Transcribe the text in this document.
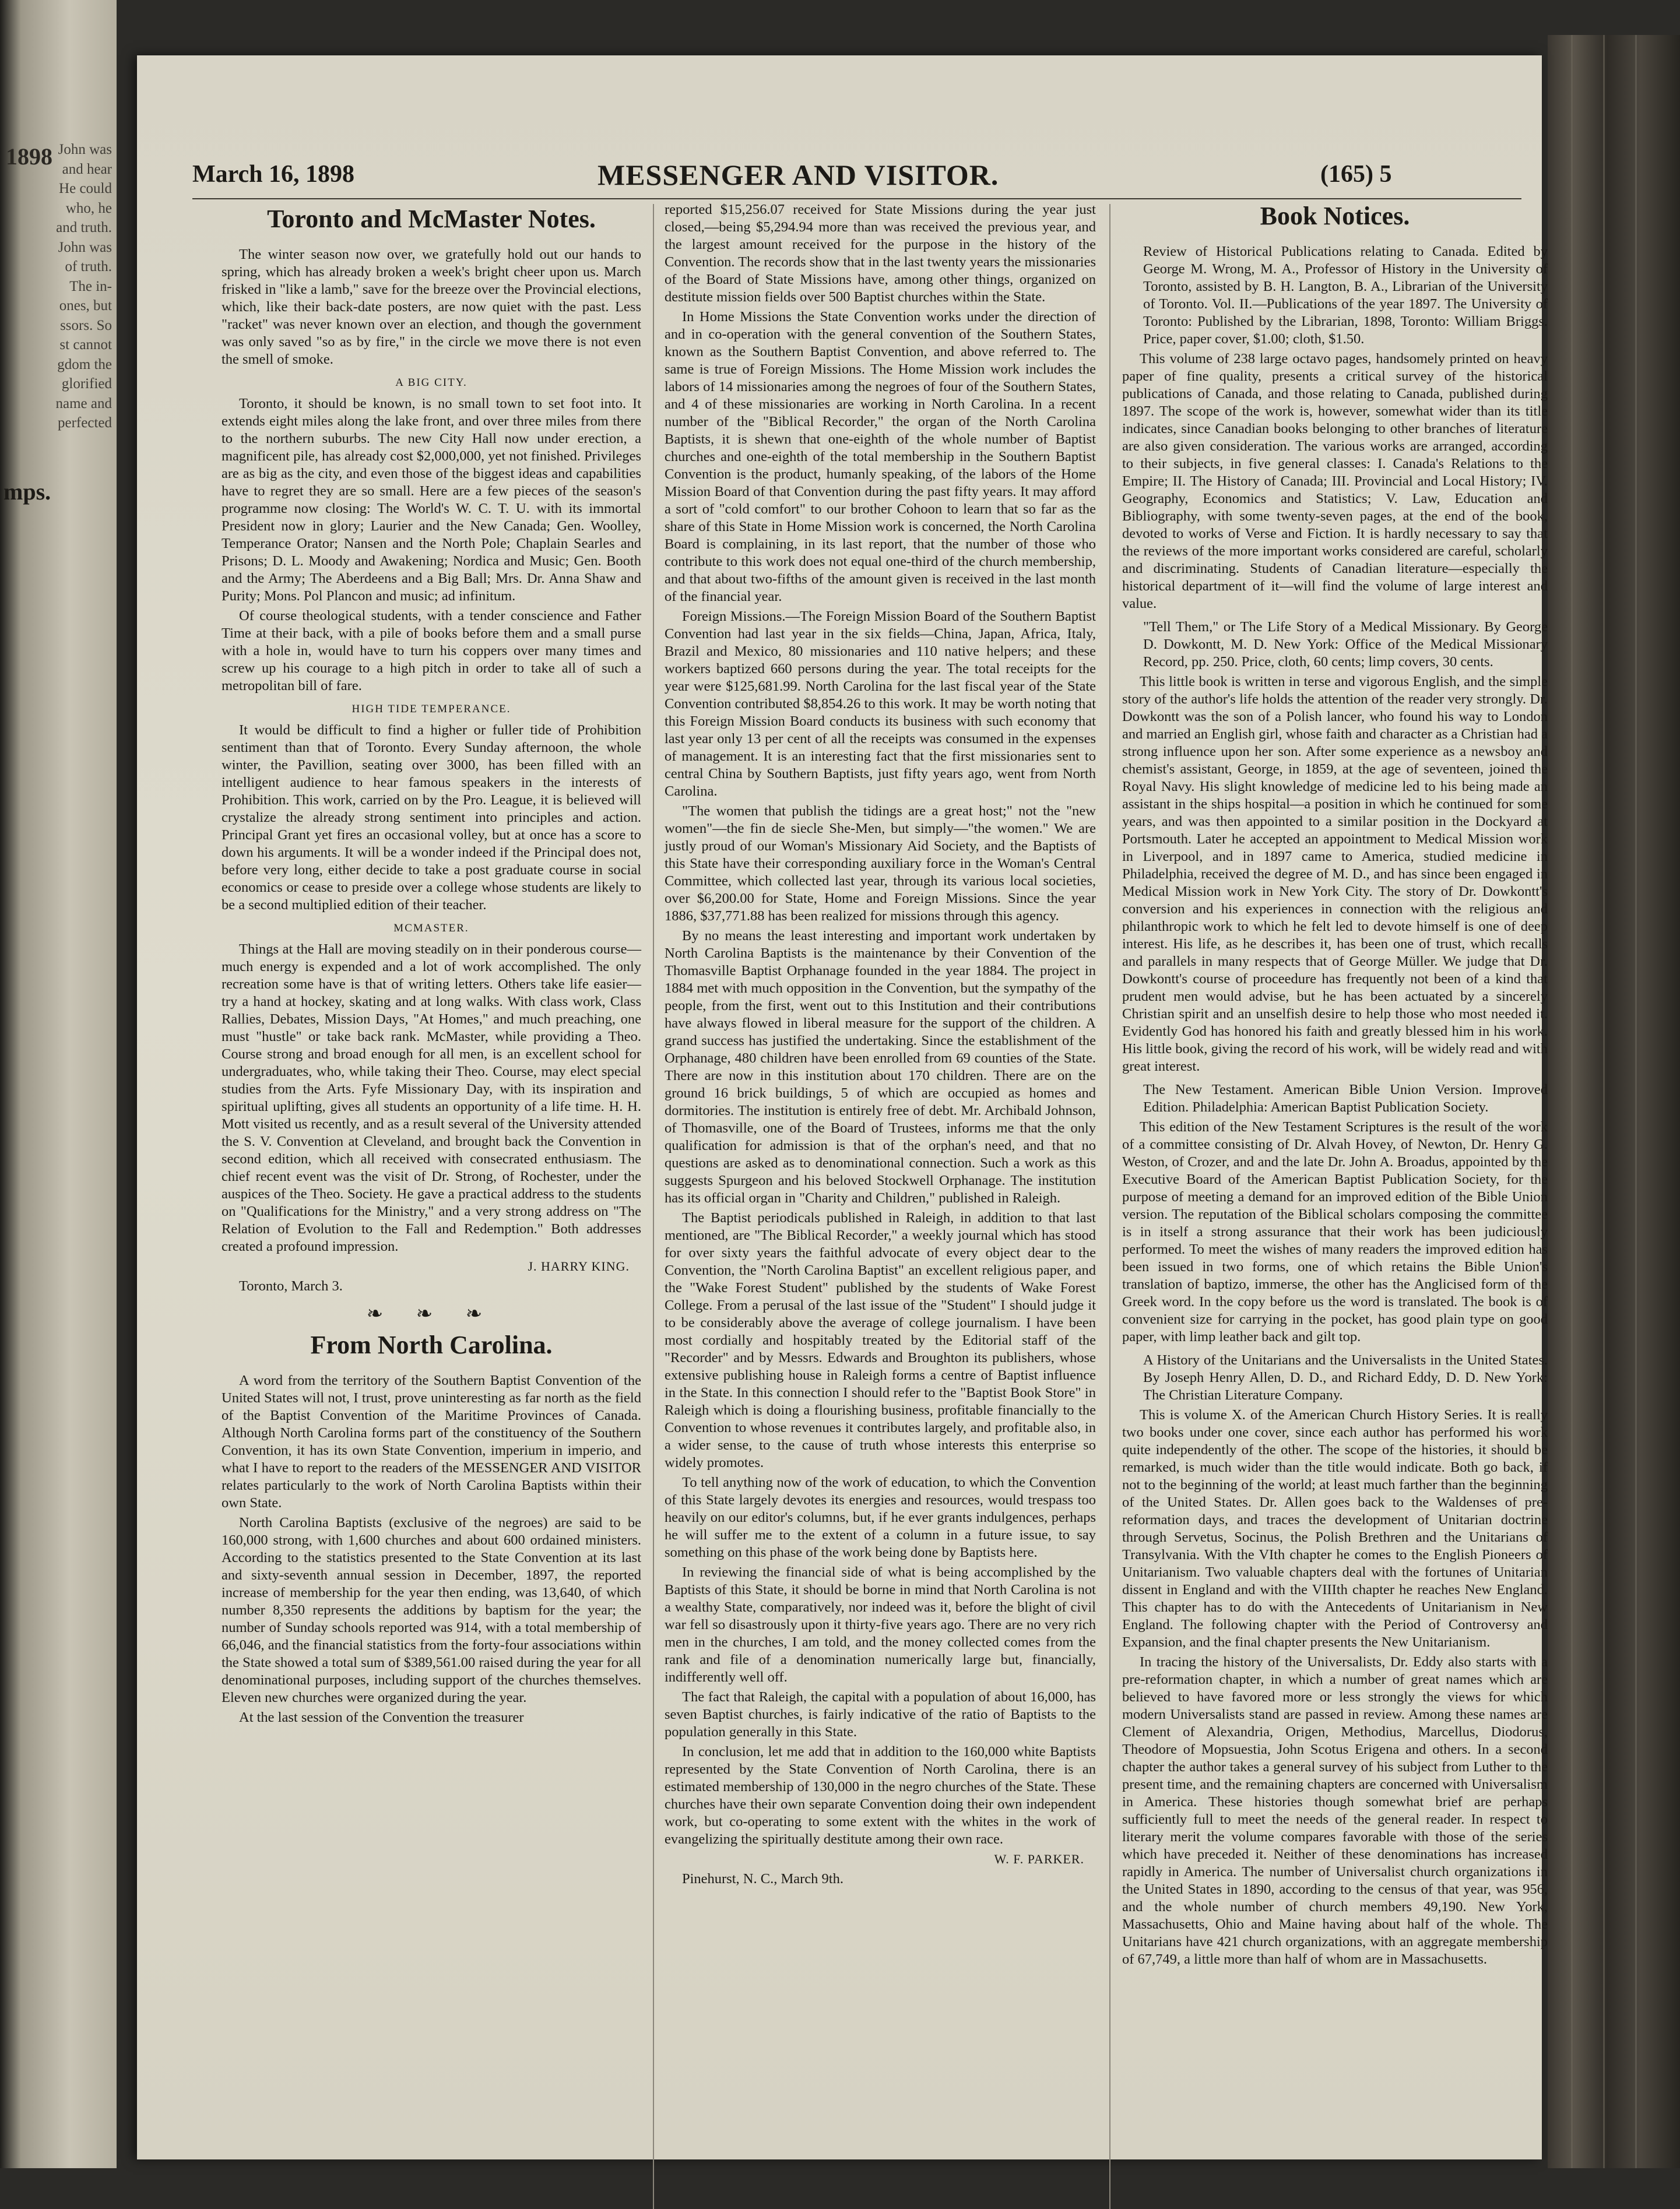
1898 John was
and hear
He could
who, he
and truth.
John was
of truth.
The in-
ones, but
ssors. So
st cannot
gdom the
glorified
name and
perfected
mps.
March 16, 1898	MESSENGER AND VISITOR.	(165) 5
Toronto and McMaster Notes.

The winter season now over, we gratefully hold out our hands to spring, which has already broken a week's bright cheer upon us. March frisked in "like a lamb," save for the breeze over the Provincial elections, which, like their back-date posters, are now quiet with the past. Less "racket" was never known over an election, and though the government was only saved "so as by fire," in the circle we move there is not even the smell of smoke.

A BIG CITY.

Toronto, it should be known, is no small town to set foot into. It extends eight miles along the lake front, and over three miles from there to the northern suburbs. The new City Hall now under erection, a magnificent pile, has already cost $2,000,000, yet not finished. Privileges are as big as the city, and even those of the biggest ideas and capabilities have to regret they are so small. Here are a few pieces of the season's programme now closing: The World's W. C. T. U. with its immortal President now in glory; Laurier and the New Canada; Gen. Woolley, Temperance Orator; Nansen and the North Pole; Chaplain Searles and Prisons; D. L. Moody and Awakening; Nordica and Music; Gen. Booth and the Army; The Aberdeens and a Big Ball; Mrs. Dr. Anna Shaw and Purity; Mons. Pol Plancon and music; ad infinitum.

Of course theological students, with a tender conscience and Father Time at their back, with a pile of books before them and a small purse with a hole in, would have to turn his coppers over many times and screw up his courage to a high pitch in order to take all of such a metropolitan bill of fare.

HIGH TIDE TEMPERANCE.

It would be difficult to find a higher or fuller tide of Prohibition sentiment than that of Toronto. Every Sunday afternoon, the whole winter, the Pavillion, seating over 3000, has been filled with an intelligent audience to hear famous speakers in the interests of Prohibition. This work, carried on by the Pro. League, it is believed will crystalize the already strong sentiment into principles and action. Principal Grant yet fires an occasional volley, but at once has a score to down his arguments. It will be a wonder indeed if the Principal does not, before very long, either decide to take a post graduate course in social economics or cease to preside over a college whose students are likely to be a second multiplied edition of their teacher.

MCMASTER.

Things at the Hall are moving steadily on in their ponderous course—much energy is expended and a lot of work accomplished. The only recreation some have is that of writing letters. Others take life easier—try a hand at hockey, skating and at long walks. With class work, Class Rallies, Debates, Mission Days, "At Homes," and much preaching, one must "hustle" or take back rank. McMaster, while providing a Theo. Course strong and broad enough for all men, is an excellent school for undergraduates, who, while taking their Theo. Course, may elect special studies from the Arts. Fyfe Missionary Day, with its inspiration and spiritual uplifting, gives all students an opportunity of a life time. H. H. Mott visited us recently, and as a result several of the University attended the S. V. Convention at Cleveland, and brought back the Convention in second edition, which all received with consecrated enthusiasm. The chief recent event was the visit of Dr. Strong, of Rochester, under the auspices of the Theo. Society. He gave a practical address to the students on "Qualifications for the Ministry," and a very strong address on "The Relation of Evolution to the Fall and Redemption." Both addresses created a profound impression.

J. HARRY KING.
Toronto, March 3.
❧ ❧ ❧
From North Carolina.

A word from the territory of the Southern Baptist Convention of the United States will not, I trust, prove uninteresting as far north as the field of the Baptist Convention of the Maritime Provinces of Canada. Although North Carolina forms part of the constituency of the Southern Convention, it has its own State Convention, imperium in imperio, and what I have to report to the readers of the MESSENGER AND VISITOR relates particularly to the work of North Carolina Baptists within their own State.

North Carolina Baptists (exclusive of the negroes) are said to be 160,000 strong, with 1,600 churches and about 600 ordained ministers. According to the statistics presented to the State Convention at its last and sixty-seventh annual session in December, 1897, the reported increase of membership for the year then ending, was 13,640, of which number 8,350 represents the additions by baptism for the year; the number of Sunday schools reported was 914, with a total membership of 66,046, and the financial statistics from the forty-four associations within the State showed a total sum of $389,561.00 raised during the year for all denominational purposes, including support of the churches themselves. Eleven new churches were organized during the year.

At the last session of the Convention the treasurer

reported $15,256.07 received for State Missions during the year just closed,—being $5,294.94 more than was received the previous year, and the largest amount received for the purpose in the history of the Convention. The records show that in the last twenty years the missionaries of the Board of State Missions have, among other things, organized on destitute mission fields over 500 Baptist churches within the State.

In Home Missions the State Convention works under the direction of and in co-operation with the general convention of the Southern States, known as the Southern Baptist Convention, and above referred to. The same is true of Foreign Missions. The Home Mission work includes the labors of 14 missionaries among the negroes of four of the Southern States, and 4 of these missionaries are working in North Carolina. In a recent number of the "Biblical Recorder," the organ of the North Carolina Baptists, it is shewn that one-eighth of the whole number of Baptist churches and one-eighth of the total membership in the Southern Baptist Convention is the product, humanly speaking, of the labors of the Home Mission Board of that Convention during the past fifty years. It may afford a sort of "cold comfort" to our brother Cohoon to learn that so far as the share of this State in Home Mission work is concerned, the North Carolina Board is complaining, in its last report, that the number of those who contribute to this work does not equal one-third of the church membership, and that about two-fifths of the amount given is received in the last month of the financial year.

Foreign Missions.—The Foreign Mission Board of the Southern Baptist Convention had last year in the six fields—China, Japan, Africa, Italy, Brazil and Mexico, 80 missionaries and 110 native helpers; and these workers baptized 660 persons during the year. The total receipts for the year were $125,681.99. North Carolina for the last fiscal year of the State Convention contributed $8,854.26 to this work. It may be worth noting that this Foreign Mission Board conducts its business with such economy that last year only 13 per cent of all the receipts was consumed in the expenses of management. It is an interesting fact that the first missionaries sent to central China by Southern Baptists, just fifty years ago, went from North Carolina.

"The women that publish the tidings are a great host;" not the "new women"—the fin de siecle She-Men, but simply—"the women." We are justly proud of our Woman's Missionary Aid Society, and the Baptists of this State have their corresponding auxiliary force in the Woman's Central Committee, which collected last year, through its various local societies, over $6,200.00 for State, Home and Foreign Missions. Since the year 1886, $37,771.88 has been realized for missions through this agency.

By no means the least interesting and important work undertaken by North Carolina Baptists is the maintenance by their Convention of the Thomasville Baptist Orphanage founded in the year 1884. The project in 1884 met with much opposition in the Convention, but the sympathy of the people, from the first, went out to this Institution and their contributions have always flowed in liberal measure for the support of the children. A grand success has justified the undertaking. Since the establishment of the Orphanage, 480 children have been enrolled from 69 counties of the State. There are now in this institution about 170 children. There are on the ground 16 brick buildings, 5 of which are occupied as homes and dormitories. The institution is entirely free of debt. Mr. Archibald Johnson, of Thomasville, one of the Board of Trustees, informs me that the only qualification for admission is that of the orphan's need, and that no questions are asked as to denominational connection. Such a work as this suggests Spurgeon and his beloved Stockwell Orphanage. The institution has its official organ in "Charity and Children," published in Raleigh.

The Baptist periodicals published in Raleigh, in addition to that last mentioned, are "The Biblical Recorder," a weekly journal which has stood for over sixty years the faithful advocate of every object dear to the Convention, the "North Carolina Baptist" an excellent religious paper, and the "Wake Forest Student" published by the students of Wake Forest College. From a perusal of the last issue of the "Student" I should judge it to be considerably above the average of college journalism. I have been most cordially and hospitably treated by the Editorial staff of the "Recorder" and by Messrs. Edwards and Broughton its publishers, whose extensive publishing house in Raleigh forms a centre of Baptist influence in the State. In this connection I should refer to the "Baptist Book Store" in Raleigh which is doing a flourishing business, profitable financially to the Convention to whose revenues it contributes largely, and profitable also, in a wider sense, to the cause of truth whose interests this enterprise so widely promotes.

To tell anything now of the work of education, to which the Convention of this State largely devotes its energies and resources, would trespass too heavily on our editor's columns, but, if he ever grants indulgences, perhaps he will suffer me to the extent of a column in a future issue, to say something on this phase of the work being done by Baptists here.

In reviewing the financial side of what is being accomplished by the Baptists of this State, it should be borne in mind that North Carolina is not a wealthy State, comparatively, nor indeed was it, before the blight of civil war fell so disastrously upon it thirty-five years ago. There are no very rich men in the churches, I am told, and the money collected comes from the rank and file of a denomination numerically large but, financially, indifferently well off.

The fact that Raleigh, the capital with a population of about 16,000, has seven Baptist churches, is fairly indicative of the ratio of Baptists to the population generally in this State.

In conclusion, let me add that in addition to the 160,000 white Baptists represented by the State Convention of North Carolina, there is an estimated membership of 130,000 in the negro churches of the State. These churches have their own separate Convention doing their own independent work, but co-operating to some extent with the whites in the work of evangelizing the spiritually destitute among their own race.

W. F. PARKER.
Pinehurst, N. C., March 9th.
Book Notices.

Review of Historical Publications relating to Canada. Edited by George M. Wrong, M. A., Professor of History in the University of Toronto, assisted by B. H. Langton, B. A., Librarian of the University of Toronto. Vol. II.—Publications of the year 1897. The University of Toronto: Published by the Librarian, 1898, Toronto: William Briggs. Price, paper cover, $1.00; cloth, $1.50.

This volume of 238 large octavo pages, handsomely printed on heavy paper of fine quality, presents a critical survey of the historical publications of Canada, and those relating to Canada, published during 1897. The scope of the work is, however, somewhat wider than its title indicates, since Canadian books belonging to other branches of literature are also given consideration. The various works are arranged, according to their subjects, in five general classes: I. Canada's Relations to the Empire; II. The History of Canada; III. Provincial and Local History; IV. Geography, Economics and Statistics; V. Law, Education and Bibliography, with some twenty-seven pages, at the end of the book, devoted to works of Verse and Fiction. It is hardly necessary to say that the reviews of the more important works considered are careful, scholarly and discriminating. Students of Canadian literature—especially the historical department of it—will find the volume of large interest and value.

"Tell Them," or The Life Story of a Medical Missionary. By George D. Dowkontt, M. D. New York: Office of the Medical Missionary Record, pp. 250. Price, cloth, 60 cents; limp covers, 30 cents.

This little book is written in terse and vigorous English, and the simple story of the author's life holds the attention of the reader very strongly. Dr. Dowkontt was the son of a Polish lancer, who found his way to London and married an English girl, whose faith and character as a Christian had a strong influence upon her son. After some experience as a newsboy and chemist's assistant, George, in 1859, at the age of seventeen, joined the Royal Navy. His slight knowledge of medicine led to his being made an assistant in the ships hospital—a position in which he continued for some years, and was then appointed to a similar position in the Dockyard at Portsmouth. Later he accepted an appointment to Medical Mission work in Liverpool, and in 1897 came to America, studied medicine in Philadelphia, received the degree of M. D., and has since been engaged in Medical Mission work in New York City. The story of Dr. Dowkontt's conversion and his experiences in connection with the religious and philanthropic work to which he felt led to devote himself is one of deep interest. His life, as he describes it, has been one of trust, which recalls and parallels in many respects that of George Müller. We judge that Dr. Dowkontt's course of proceedure has frequently not been of a kind that prudent men would advise, but he has been actuated by a sincerely Christian spirit and an unselfish desire to help those who most needed it. Evidently God has honored his faith and greatly blessed him in his work. His little book, giving the record of his work, will be widely read and with great interest.

The New Testament. American Bible Union Version. Improved Edition. Philadelphia: American Baptist Publication Society.

This edition of the New Testament Scriptures is the result of the work of a committee consisting of Dr. Alvah Hovey, of Newton, Dr. Henry G. Weston, of Crozer, and and the late Dr. John A. Broadus, appointed by the Executive Board of the American Baptist Publication Society, for the purpose of meeting a demand for an improved edition of the Bible Union version. The reputation of the Biblical scholars composing the committee is in itself a strong assurance that their work has been judiciously performed. To meet the wishes of many readers the improved edition has been issued in two forms, one of which retains the Bible Union's translation of baptizo, immerse, the other has the Anglicised form of the Greek word. In the copy before us the word is translated. The book is of convenient size for carrying in the pocket, has good plain type on good paper, with limp leather back and gilt top.

A History of the Unitarians and the Universalists in the United States. By Joseph Henry Allen, D. D., and Richard Eddy, D. D. New York: The Christian Literature Company.

This is volume X. of the American Church History Series. It is really two books under one cover, since each author has performed his work quite independently of the other. The scope of the histories, it should be remarked, is much wider than the title would indicate. Both go back, if not to the beginning of the world; at least much farther than the beginning of the United States. Dr. Allen goes back to the Waldenses of pre-reformation days, and traces the development of Unitarian doctrine through Servetus, Socinus, the Polish Brethren and the Unitarians of Transylvania. With the VIth chapter he comes to the English Pioneers of Unitarianism. Two valuable chapters deal with the fortunes of Unitarian dissent in England and with the VIIIth chapter he reaches New England. This chapter has to do with the Antecedents of Unitarianism in New England. The following chapter with the Period of Controversy and Expansion, and the final chapter presents the New Unitarianism.

In tracing the history of the Universalists, Dr. Eddy also starts with a pre-reformation chapter, in which a number of great names which are believed to have favored more or less strongly the views for which modern Universalists stand are passed in review. Among these names are Clement of Alexandria, Origen, Methodius, Marcellus, Diodorus, Theodore of Mopsuestia, John Scotus Erigena and others. In a second chapter the author takes a general survey of his subject from Luther to the present time, and the remaining chapters are concerned with Universalism in America. These histories though somewhat brief are perhaps sufficiently full to meet the needs of the general reader. In respect to literary merit the volume compares favorable with those of the series which have preceded it. Neither of these denominations has increased rapidly in America. The number of Universalist church organizations in the United States in 1890, according to the census of that year, was 956, and the whole number of church members 49,190. New York, Massachusetts, Ohio and Maine having about half of the whole. The Unitarians have 421 church organizations, with an aggregate membership of 67,749, a little more than half of whom are in Massachusetts.
